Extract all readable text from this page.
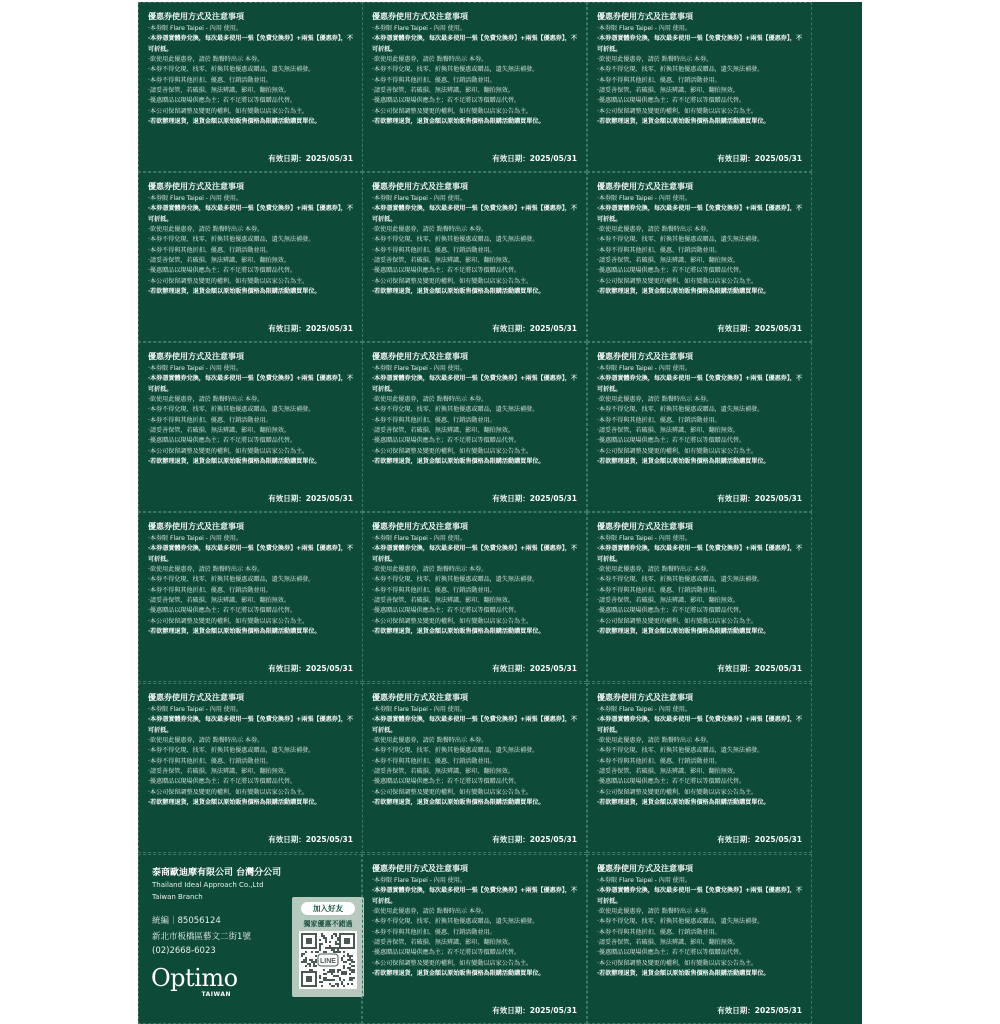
泰商歐迪摩有限公司 台灣分公司
Thailand Ideal Approach Co.,Ltd
Taiwan Branch
統編｜85056124
新北市板橋區藝文二街1號
(02)2668-6023
Optimo
TAIWAN
加入好友
獨家優惠不錯過
LINE
優惠券使用方式及注意事項
‧本券限 Flare Taipei - 內用 使用。
‧本券憑實體券兌換，每次最多使用一張【免費兌換券】+兩張【優惠券】，不可折抵。
‧欲使用此優惠券，請於 點餐時出示 本券。
‧本券不得兌現、找零、折換其他優惠或贈品，遺失無法補發。
‧本券不得與其他折扣、優惠、行銷活動並用。
‧請妥善保管，若破損、無法辨識、影印、翻拍無效。
‧優惠贈品以現場供應為主；若不足將以等價贈品代替。
‧本公司保留調整及變更的權利，如有變動以店家公告為主。
‧若欲辦理退貨，退貨金額以原始販售價格為限購活動購買單位。
有效日期：2025/05/31
優惠券使用方式及注意事項
‧本券限 Flare Taipei - 內用 使用。
‧本券憑實體券兌換，每次最多使用一張【免費兌換券】+兩張【優惠券】，不可折抵。
‧欲使用此優惠券，請於 點餐時出示 本券。
‧本券不得兌現、找零、折換其他優惠或贈品，遺失無法補發。
‧本券不得與其他折扣、優惠、行銷活動並用。
‧請妥善保管，若破損、無法辨識、影印、翻拍無效。
‧優惠贈品以現場供應為主；若不足將以等價贈品代替。
‧本公司保留調整及變更的權利，如有變動以店家公告為主。
‧若欲辦理退貨，退貨金額以原始販售價格為限購活動購買單位。
有效日期：2025/05/31
優惠券使用方式及注意事項
‧本券限 Flare Taipei - 內用 使用。
‧本券憑實體券兌換，每次最多使用一張【免費兌換券】+兩張【優惠券】，不可折抵。
‧欲使用此優惠券，請於 點餐時出示 本券。
‧本券不得兌現、找零、折換其他優惠或贈品，遺失無法補發。
‧本券不得與其他折扣、優惠、行銷活動並用。
‧請妥善保管，若破損、無法辨識、影印、翻拍無效。
‧優惠贈品以現場供應為主；若不足將以等價贈品代替。
‧本公司保留調整及變更的權利，如有變動以店家公告為主。
‧若欲辦理退貨，退貨金額以原始販售價格為限購活動購買單位。
有效日期：2025/05/31
優惠券使用方式及注意事項
‧本券限 Flare Taipei - 內用 使用。
‧本券憑實體券兌換，每次最多使用一張【免費兌換券】+兩張【優惠券】，不可折抵。
‧欲使用此優惠券，請於 點餐時出示 本券。
‧本券不得兌現、找零、折換其他優惠或贈品，遺失無法補發。
‧本券不得與其他折扣、優惠、行銷活動並用。
‧請妥善保管，若破損、無法辨識、影印、翻拍無效。
‧優惠贈品以現場供應為主；若不足將以等價贈品代替。
‧本公司保留調整及變更的權利，如有變動以店家公告為主。
‧若欲辦理退貨，退貨金額以原始販售價格為限購活動購買單位。
有效日期：2025/05/31
優惠券使用方式及注意事項
‧本券限 Flare Taipei - 內用 使用。
‧本券憑實體券兌換，每次最多使用一張【免費兌換券】+兩張【優惠券】，不可折抵。
‧欲使用此優惠券，請於 點餐時出示 本券。
‧本券不得兌現、找零、折換其他優惠或贈品，遺失無法補發。
‧本券不得與其他折扣、優惠、行銷活動並用。
‧請妥善保管，若破損、無法辨識、影印、翻拍無效。
‧優惠贈品以現場供應為主；若不足將以等價贈品代替。
‧本公司保留調整及變更的權利，如有變動以店家公告為主。
‧若欲辦理退貨，退貨金額以原始販售價格為限購活動購買單位。
有效日期：2025/05/31
優惠券使用方式及注意事項
‧本券限 Flare Taipei - 內用 使用。
‧本券憑實體券兌換，每次最多使用一張【免費兌換券】+兩張【優惠券】，不可折抵。
‧欲使用此優惠券，請於 點餐時出示 本券。
‧本券不得兌現、找零、折換其他優惠或贈品，遺失無法補發。
‧本券不得與其他折扣、優惠、行銷活動並用。
‧請妥善保管，若破損、無法辨識、影印、翻拍無效。
‧優惠贈品以現場供應為主；若不足將以等價贈品代替。
‧本公司保留調整及變更的權利，如有變動以店家公告為主。
‧若欲辦理退貨，退貨金額以原始販售價格為限購活動購買單位。
有效日期：2025/05/31
優惠券使用方式及注意事項
‧本券限 Flare Taipei - 內用 使用。
‧本券憑實體券兌換，每次最多使用一張【免費兌換券】+兩張【優惠券】，不可折抵。
‧欲使用此優惠券，請於 點餐時出示 本券。
‧本券不得兌現、找零、折換其他優惠或贈品，遺失無法補發。
‧本券不得與其他折扣、優惠、行銷活動並用。
‧請妥善保管，若破損、無法辨識、影印、翻拍無效。
‧優惠贈品以現場供應為主；若不足將以等價贈品代替。
‧本公司保留調整及變更的權利，如有變動以店家公告為主。
‧若欲辦理退貨，退貨金額以原始販售價格為限購活動購買單位。
有效日期：2025/05/31
優惠券使用方式及注意事項
‧本券限 Flare Taipei - 內用 使用。
‧本券憑實體券兌換，每次最多使用一張【免費兌換券】+兩張【優惠券】，不可折抵。
‧欲使用此優惠券，請於 點餐時出示 本券。
‧本券不得兌現、找零、折換其他優惠或贈品，遺失無法補發。
‧本券不得與其他折扣、優惠、行銷活動並用。
‧請妥善保管，若破損、無法辨識、影印、翻拍無效。
‧優惠贈品以現場供應為主；若不足將以等價贈品代替。
‧本公司保留調整及變更的權利，如有變動以店家公告為主。
‧若欲辦理退貨，退貨金額以原始販售價格為限購活動購買單位。
有效日期：2025/05/31
優惠券使用方式及注意事項
‧本券限 Flare Taipei - 內用 使用。
‧本券憑實體券兌換，每次最多使用一張【免費兌換券】+兩張【優惠券】，不可折抵。
‧欲使用此優惠券，請於 點餐時出示 本券。
‧本券不得兌現、找零、折換其他優惠或贈品，遺失無法補發。
‧本券不得與其他折扣、優惠、行銷活動並用。
‧請妥善保管，若破損、無法辨識、影印、翻拍無效。
‧優惠贈品以現場供應為主；若不足將以等價贈品代替。
‧本公司保留調整及變更的權利，如有變動以店家公告為主。
‧若欲辦理退貨，退貨金額以原始販售價格為限購活動購買單位。
有效日期：2025/05/31
優惠券使用方式及注意事項
‧本券限 Flare Taipei - 內用 使用。
‧本券憑實體券兌換，每次最多使用一張【免費兌換券】+兩張【優惠券】，不可折抵。
‧欲使用此優惠券，請於 點餐時出示 本券。
‧本券不得兌現、找零、折換其他優惠或贈品，遺失無法補發。
‧本券不得與其他折扣、優惠、行銷活動並用。
‧請妥善保管，若破損、無法辨識、影印、翻拍無效。
‧優惠贈品以現場供應為主；若不足將以等價贈品代替。
‧本公司保留調整及變更的權利，如有變動以店家公告為主。
‧若欲辦理退貨，退貨金額以原始販售價格為限購活動購買單位。
有效日期：2025/05/31
優惠券使用方式及注意事項
‧本券限 Flare Taipei - 內用 使用。
‧本券憑實體券兌換，每次最多使用一張【免費兌換券】+兩張【優惠券】，不可折抵。
‧欲使用此優惠券，請於 點餐時出示 本券。
‧本券不得兌現、找零、折換其他優惠或贈品，遺失無法補發。
‧本券不得與其他折扣、優惠、行銷活動並用。
‧請妥善保管，若破損、無法辨識、影印、翻拍無效。
‧優惠贈品以現場供應為主；若不足將以等價贈品代替。
‧本公司保留調整及變更的權利，如有變動以店家公告為主。
‧若欲辦理退貨，退貨金額以原始販售價格為限購活動購買單位。
有效日期：2025/05/31
優惠券使用方式及注意事項
‧本券限 Flare Taipei - 內用 使用。
‧本券憑實體券兌換，每次最多使用一張【免費兌換券】+兩張【優惠券】，不可折抵。
‧欲使用此優惠券，請於 點餐時出示 本券。
‧本券不得兌現、找零、折換其他優惠或贈品，遺失無法補發。
‧本券不得與其他折扣、優惠、行銷活動並用。
‧請妥善保管，若破損、無法辨識、影印、翻拍無效。
‧優惠贈品以現場供應為主；若不足將以等價贈品代替。
‧本公司保留調整及變更的權利，如有變動以店家公告為主。
‧若欲辦理退貨，退貨金額以原始販售價格為限購活動購買單位。
有效日期：2025/05/31
優惠券使用方式及注意事項
‧本券限 Flare Taipei - 內用 使用。
‧本券憑實體券兌換，每次最多使用一張【免費兌換券】+兩張【優惠券】，不可折抵。
‧欲使用此優惠券，請於 點餐時出示 本券。
‧本券不得兌現、找零、折換其他優惠或贈品，遺失無法補發。
‧本券不得與其他折扣、優惠、行銷活動並用。
‧請妥善保管，若破損、無法辨識、影印、翻拍無效。
‧優惠贈品以現場供應為主；若不足將以等價贈品代替。
‧本公司保留調整及變更的權利，如有變動以店家公告為主。
‧若欲辦理退貨，退貨金額以原始販售價格為限購活動購買單位。
有效日期：2025/05/31
優惠券使用方式及注意事項
‧本券限 Flare Taipei - 內用 使用。
‧本券憑實體券兌換，每次最多使用一張【免費兌換券】+兩張【優惠券】，不可折抵。
‧欲使用此優惠券，請於 點餐時出示 本券。
‧本券不得兌現、找零、折換其他優惠或贈品，遺失無法補發。
‧本券不得與其他折扣、優惠、行銷活動並用。
‧請妥善保管，若破損、無法辨識、影印、翻拍無效。
‧優惠贈品以現場供應為主；若不足將以等價贈品代替。
‧本公司保留調整及變更的權利，如有變動以店家公告為主。
‧若欲辦理退貨，退貨金額以原始販售價格為限購活動購買單位。
有效日期：2025/05/31
優惠券使用方式及注意事項
‧本券限 Flare Taipei - 內用 使用。
‧本券憑實體券兌換，每次最多使用一張【免費兌換券】+兩張【優惠券】，不可折抵。
‧欲使用此優惠券，請於 點餐時出示 本券。
‧本券不得兌現、找零、折換其他優惠或贈品，遺失無法補發。
‧本券不得與其他折扣、優惠、行銷活動並用。
‧請妥善保管，若破損、無法辨識、影印、翻拍無效。
‧優惠贈品以現場供應為主；若不足將以等價贈品代替。
‧本公司保留調整及變更的權利，如有變動以店家公告為主。
‧若欲辦理退貨，退貨金額以原始販售價格為限購活動購買單位。
有效日期：2025/05/31
優惠券使用方式及注意事項
‧本券限 Flare Taipei - 內用 使用。
‧本券憑實體券兌換，每次最多使用一張【免費兌換券】+兩張【優惠券】，不可折抵。
‧欲使用此優惠券，請於 點餐時出示 本券。
‧本券不得兌現、找零、折換其他優惠或贈品，遺失無法補發。
‧本券不得與其他折扣、優惠、行銷活動並用。
‧請妥善保管，若破損、無法辨識、影印、翻拍無效。
‧優惠贈品以現場供應為主；若不足將以等價贈品代替。
‧本公司保留調整及變更的權利，如有變動以店家公告為主。
‧若欲辦理退貨，退貨金額以原始販售價格為限購活動購買單位。
有效日期：2025/05/31
優惠券使用方式及注意事項
‧本券限 Flare Taipei - 內用 使用。
‧本券憑實體券兌換，每次最多使用一張【免費兌換券】+兩張【優惠券】，不可折抵。
‧欲使用此優惠券，請於 點餐時出示 本券。
‧本券不得兌現、找零、折換其他優惠或贈品，遺失無法補發。
‧本券不得與其他折扣、優惠、行銷活動並用。
‧請妥善保管，若破損、無法辨識、影印、翻拍無效。
‧優惠贈品以現場供應為主；若不足將以等價贈品代替。
‧本公司保留調整及變更的權利，如有變動以店家公告為主。
‧若欲辦理退貨，退貨金額以原始販售價格為限購活動購買單位。
有效日期：2025/05/31
